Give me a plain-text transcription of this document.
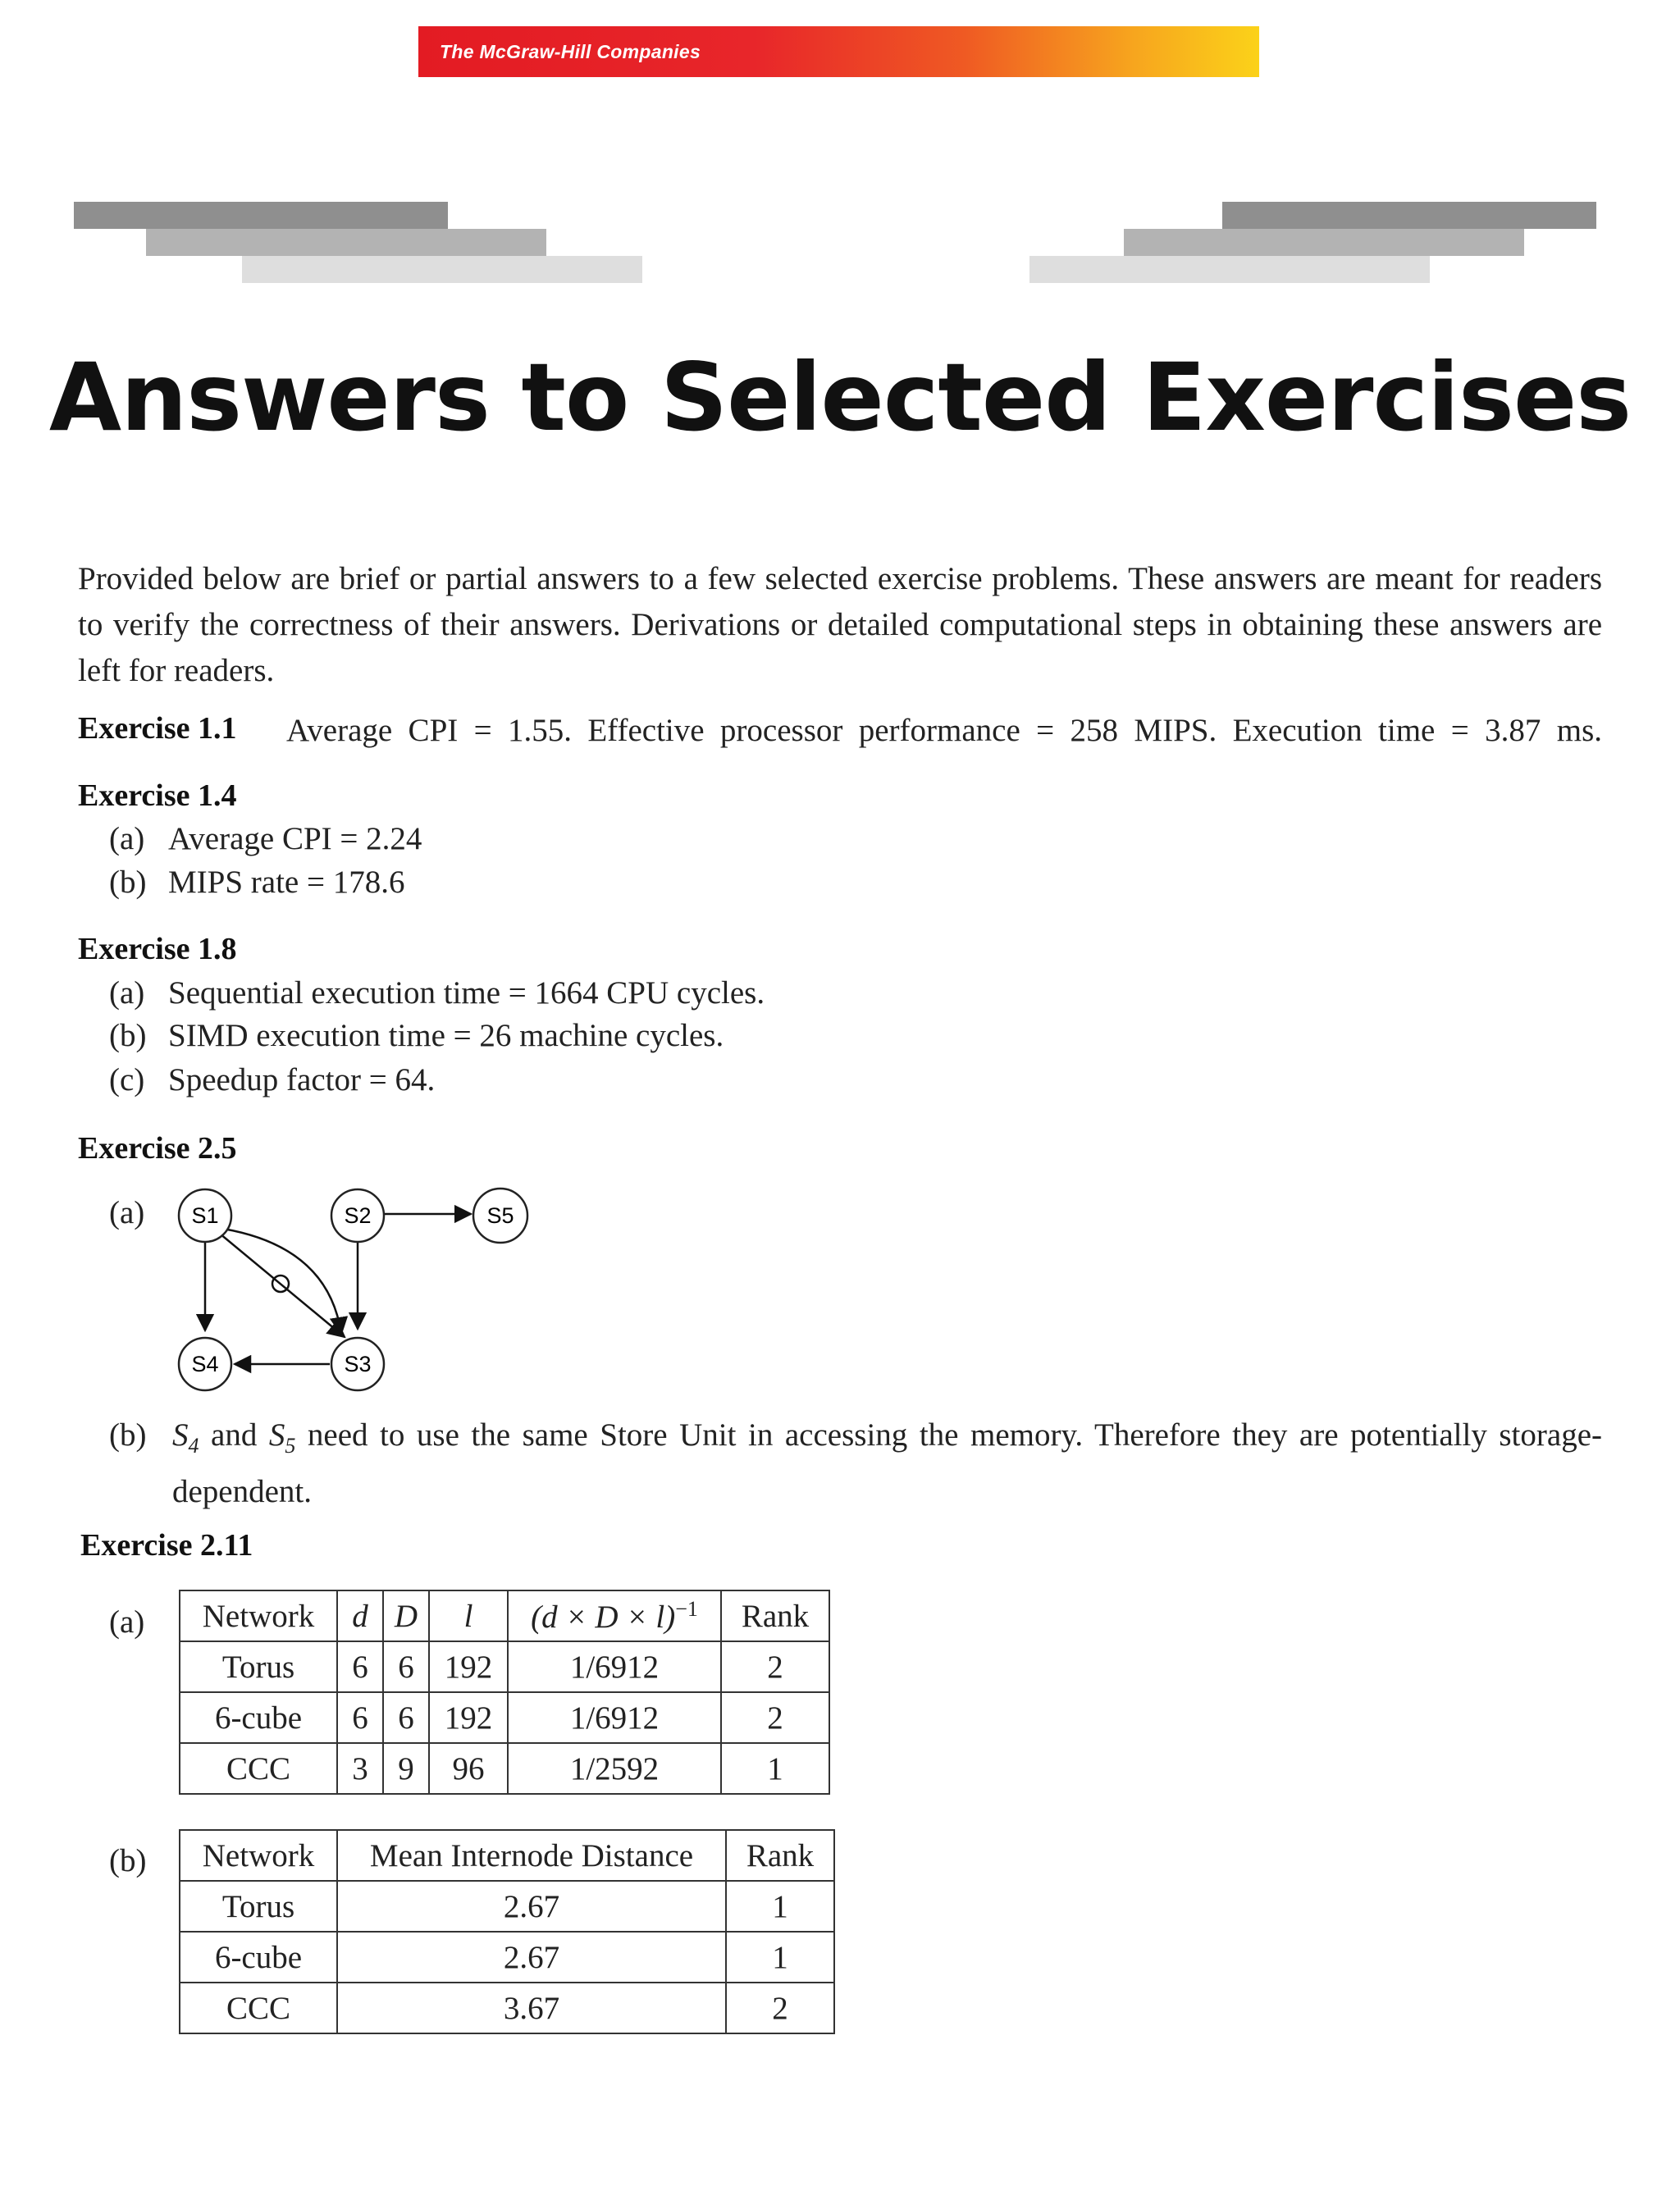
The McGraw-Hill Companies
Answers to Selected Exercises
Provided below are brief or partial answers to a few selected exercise problems. These answers are meant for readers to verify the correctness of their answers. Derivations or detailed computational steps in obtaining these answers are left for readers.
Exercise 1.1 Average CPI = 1.55. Effective processor performance = 258 MIPS. Execution time = 3.87 ms.
Exercise 1.4
(a) Average CPI = 2.24
(b) MIPS rate = 178.6
Exercise 1.8
(a) Sequential execution time = 1664 CPU cycles.
(b) SIMD execution time = 26 machine cycles.
(c) Speedup factor = 64.
Exercise 2.5
(a) S1	S2	S5
S4	S3
(b) $S_4$ and $S_5$ need to use the same Store Unit in accessing the memory. Therefore they are potentially storage-dependent.
Exercise 2.11
(a) Network	d	D	l	$(d \times D \times l)^{-1}$	Rank
Torus	6	6	192	1/6912	2
6-cube	6	6	192	1/6912	2
CCC	3	9	96	1/2592	1
(b) Network	Mean Internode Distance	Rank
Torus	2.67	1
6-cube	2.67	1
CCC	3.67	2
